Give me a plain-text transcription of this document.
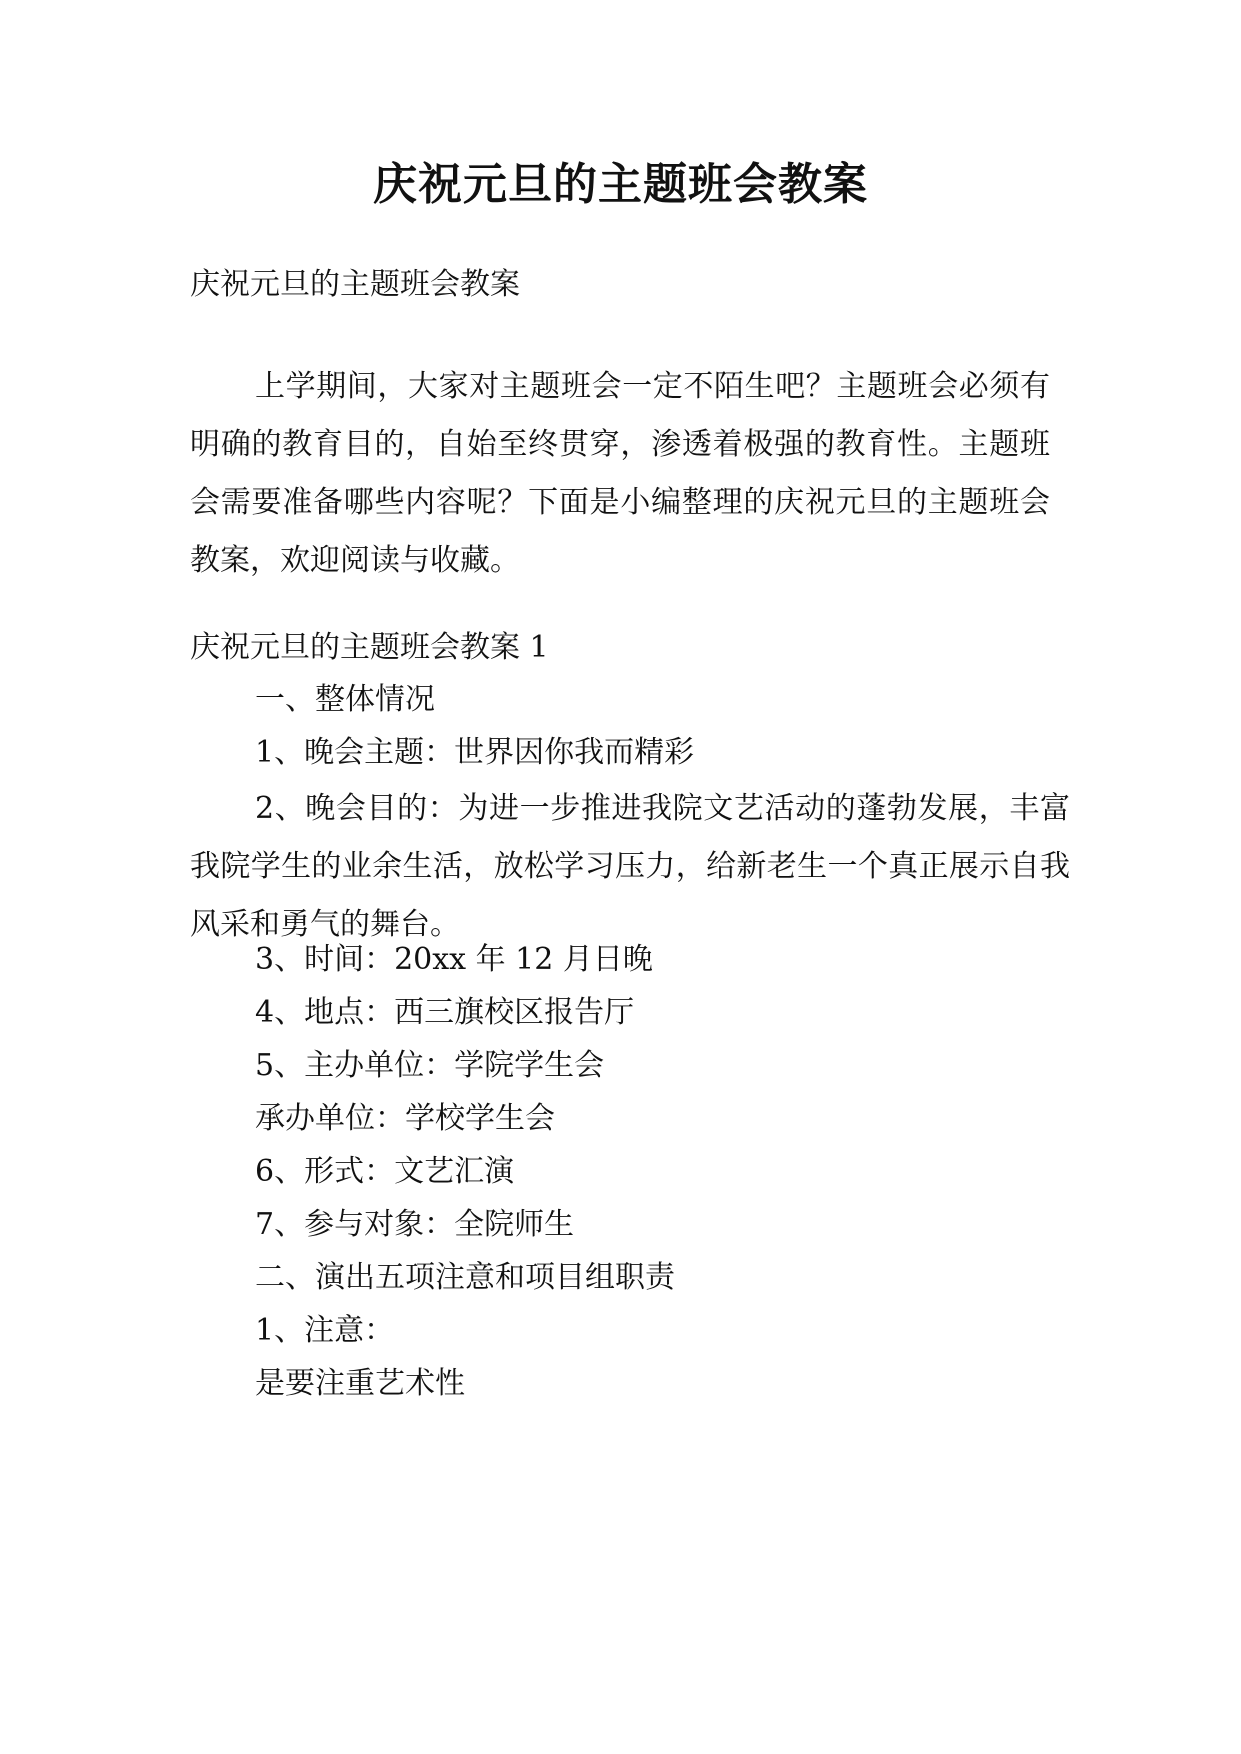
庆祝元旦的主题班会教案

庆祝元旦的主题班会教案

上学期间，大家对主题班会一定不陌生吧？主题班会必须有明确的教育目的，自始至终贯穿，渗透着极强的教育性。主题班会需要准备哪些内容呢？下面是小编整理的庆祝元旦的主题班会教案，欢迎阅读与收藏。

庆祝元旦的主题班会教案 1

一、整体情况

1、晚会主题：世界因你我而精彩

2、晚会目的：为进一步推进我院文艺活动的蓬勃发展，丰富我院学生的业余生活，放松学习压力，给新老生一个真正展示自我风采和勇气的舞台。

3、时间：20xx 年 12 月日晚

4、地点：西三旗校区报告厅

5、主办单位：学院学生会

承办单位：学校学生会

6、形式：文艺汇演

7、参与对象：全院师生

二、演出五项注意和项目组职责

1、注意：

是要注重艺术性
